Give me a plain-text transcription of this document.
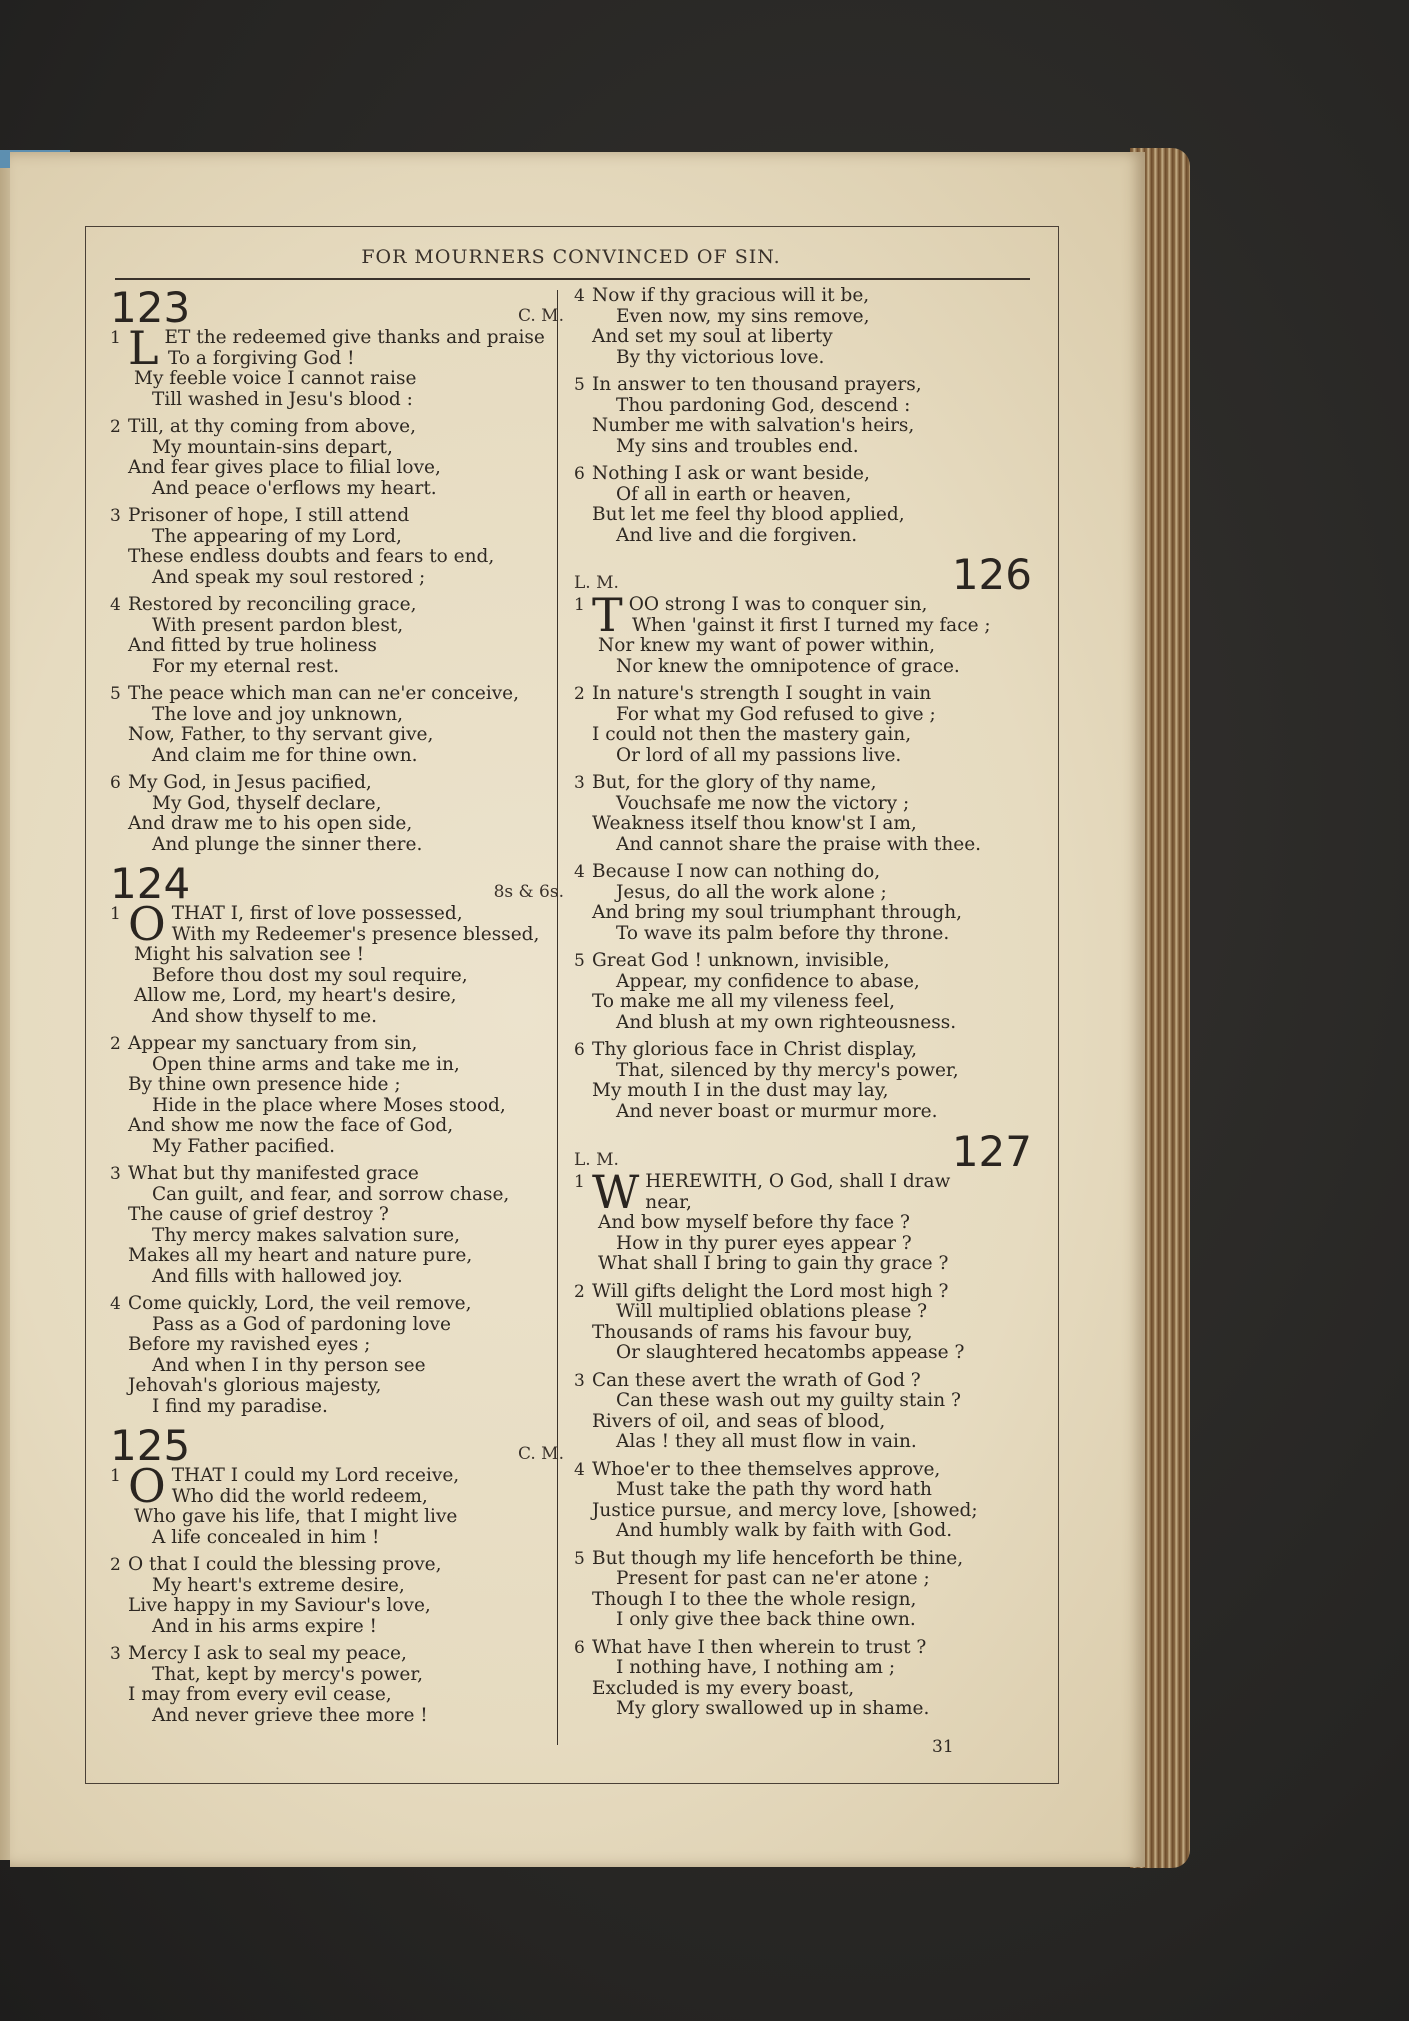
FOR MOURNERS CONVINCED OF SIN.
123	C. M.
1 LET the redeemed give thanks and praise
To a forgiving God !
My feeble voice I cannot raise
Till washed in Jesu's blood :
2 Till, at thy coming from above,
My mountain-sins depart,
And fear gives place to filial love,
And peace o'erflows my heart.
3 Prisoner of hope, I still attend
The appearing of my Lord,
These endless doubts and fears to end,
And speak my soul restored ;
4 Restored by reconciling grace,
With present pardon blest,
And fitted by true holiness
For my eternal rest.
5 The peace which man can ne'er conceive,
The love and joy unknown,
Now, Father, to thy servant give,
And claim me for thine own.
6 My God, in Jesus pacified,
My God, thyself declare,
And draw me to his open side,
And plunge the sinner there.
124	8s & 6s.
1 OTHAT I, first of love possessed,
With my Redeemer's presence blessed,
Might his salvation see !
Before thou dost my soul require,
Allow me, Lord, my heart's desire,
And show thyself to me.
2 Appear my sanctuary from sin,
Open thine arms and take me in,
By thine own presence hide ;
Hide in the place where Moses stood,
And show me now the face of God,
My Father pacified.
3 What but thy manifested grace
Can guilt, and fear, and sorrow chase,
The cause of grief destroy ?
Thy mercy makes salvation sure,
Makes all my heart and nature pure,
And fills with hallowed joy.
4 Come quickly, Lord, the veil remove,
Pass as a God of pardoning love
Before my ravished eyes ;
And when I in thy person see
Jehovah's glorious majesty,
I find my paradise.
125	C. M.
1 OTHAT I could my Lord receive,
Who did the world redeem,
Who gave his life, that I might live
A life concealed in him !
2 O that I could the blessing prove,
My heart's extreme desire,
Live happy in my Saviour's love,
And in his arms expire !
3 Mercy I ask to seal my peace,
That, kept by mercy's power,
I may from every evil cease,
And never grieve thee more !
4 Now if thy gracious will it be,
Even now, my sins remove,
And set my soul at liberty
By thy victorious love.
5 In answer to ten thousand prayers,
Thou pardoning God, descend :
Number me with salvation's heirs,
My sins and troubles end.
6 Nothing I ask or want beside,
Of all in earth or heaven,
But let me feel thy blood applied,
And live and die forgiven.
126
L. M.
1 TOO strong I was to conquer sin,
When 'gainst it first I turned my face ;
Nor knew my want of power within,
Nor knew the omnipotence of grace.
2 In nature's strength I sought in vain
For what my God refused to give ;
I could not then the mastery gain,
Or lord of all my passions live.
3 But, for the glory of thy name,
Vouchsafe me now the victory ;
Weakness itself thou know'st I am,
And cannot share the praise with thee.
4 Because I now can nothing do,
Jesus, do all the work alone ;
And bring my soul triumphant through,
To wave its palm before thy throne.
5 Great God ! unknown, invisible,
Appear, my confidence to abase,
To make me all my vileness feel,
And blush at my own righteousness.
6 Thy glorious face in Christ display,
That, silenced by thy mercy's power,
My mouth I in the dust may lay,
And never boast or murmur more.
127
L. M.
1 WHEREWITH, O God, shall I draw
near,
And bow myself before thy face ?
How in thy purer eyes appear ?
What shall I bring to gain thy grace ?
2 Will gifts delight the Lord most high ?
Will multiplied oblations please ?
Thousands of rams his favour buy,
Or slaughtered hecatombs appease ?
3 Can these avert the wrath of God ?
Can these wash out my guilty stain ?
Rivers of oil, and seas of blood,
Alas ! they all must flow in vain.
4 Whoe'er to thee themselves approve,
Must take the path thy word hath
Justice pursue, and mercy love, [showed;
And humbly walk by faith with God.
5 But though my life henceforth be thine,
Present for past can ne'er atone ;
Though I to thee the whole resign,
I only give thee back thine own.
6 What have I then wherein to trust ?
I nothing have, I nothing am ;
Excluded is my every boast,
My glory swallowed up in shame.
31
